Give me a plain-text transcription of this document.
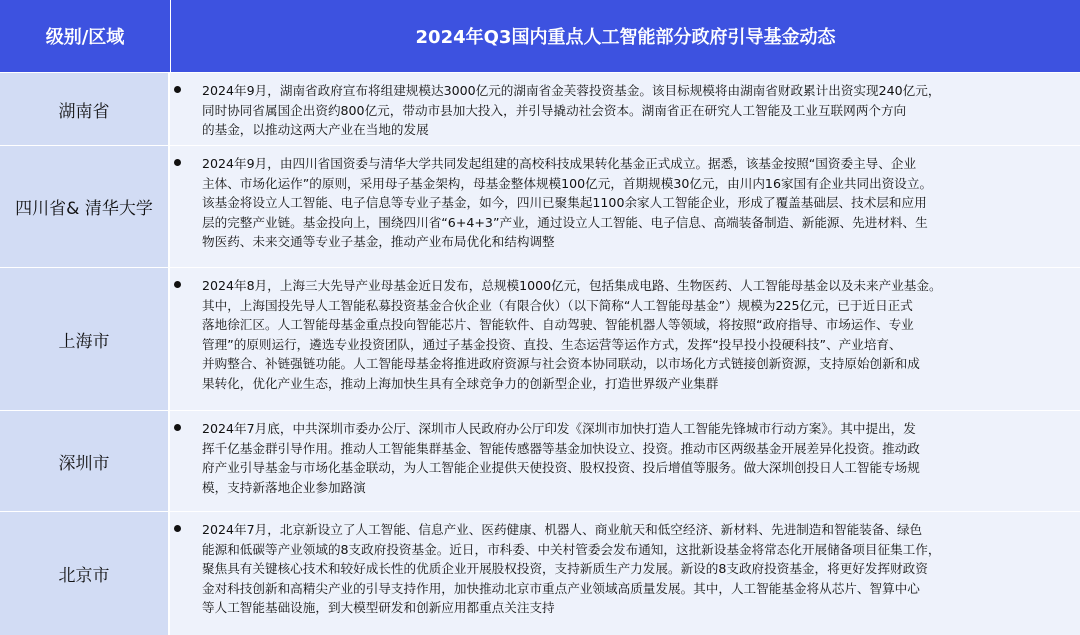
级别/区域	2024年Q3国内重点人工智能部分政府引导基金动态
湖南省
2024年9月，湖南省政府宣布将组建规模达3000亿元的湖南省金芙蓉投资基金。该目标规模将由湖南省财政累计出资实现240亿元，
同时协同省属国企出资约800亿元，带动市县加大投入，并引导撬动社会资本。湖南省正在研究人工智能及工业互联网两个方向
的基金，以推动这两大产业在当地的发展
四川省& 清华大学
2024年9月，由四川省国资委与清华大学共同发起组建的高校科技成果转化基金正式成立。据悉，该基金按照“国资委主导、企业
主体、市场化运作”的原则，采用母子基金架构，母基金整体规模100亿元，首期规模30亿元，由川内16家国有企业共同出资设立。
该基金将设立人工智能、电子信息等专业子基金，如今，四川已聚集起1100余家人工智能企业，形成了覆盖基础层、技术层和应用
层的完整产业链。基金投向上，围绕四川省“6+4+3”产业，通过设立人工智能、电子信息、高端装备制造、新能源、先进材料、生
物医药、未来交通等专业子基金，推动产业布局优化和结构调整
上海市
2024年8月，上海三大先导产业母基金近日发布，总规模1000亿元，包括集成电路、生物医药、人工智能母基金以及未来产业基金。
其中，上海国投先导人工智能私募投资基金合伙企业（有限合伙）（以下简称“人工智能母基金”）规模为225亿元，已于近日正式
落地徐汇区。人工智能母基金重点投向智能芯片、智能软件、自动驾驶、智能机器人等领域，将按照“政府指导、市场运作、专业
管理”的原则运行，遴选专业投资团队，通过子基金投资、直投、生态运营等运作方式，发挥“投早投小投硬科技”、产业培育、
并购整合、补链强链功能。人工智能母基金将推进政府资源与社会资本协同联动，以市场化方式链接创新资源，支持原始创新和成
果转化，优化产业生态，推动上海加快生具有全球竞争力的创新型企业，打造世界级产业集群
深圳市
2024年7月底，中共深圳市委办公厅、深圳市人民政府办公厅印发《深圳市加快打造人工智能先锋城市行动方案》。其中提出，发
挥千亿基金群引导作用。推动人工智能集群基金、智能传感器等基金加快设立、投资。推动市区两级基金开展差异化投资。推动政
府产业引导基金与市场化基金联动，为人工智能企业提供天使投资、股权投资、投后增值等服务。做大深圳创投日人工智能专场规
模，支持新落地企业参加路演
北京市
2024年7月，北京新设立了人工智能、信息产业、医药健康、机器人、商业航天和低空经济、新材料、先进制造和智能装备、绿色
能源和低碳等产业领域的8支政府投资基金。近日，市科委、中关村管委会发布通知，这批新设基金将常态化开展储备项目征集工作，
聚焦具有关键核心技术和较好成长性的优质企业开展股权投资，支持新质生产力发展。新设的8支政府投资基金，将更好发挥财政资
金对科技创新和高精尖产业的引导支持作用，加快推动北京市重点产业领域高质量发展。其中，人工智能基金将从芯片、智算中心
等人工智能基础设施，到大模型研发和创新应用都重点关注支持
